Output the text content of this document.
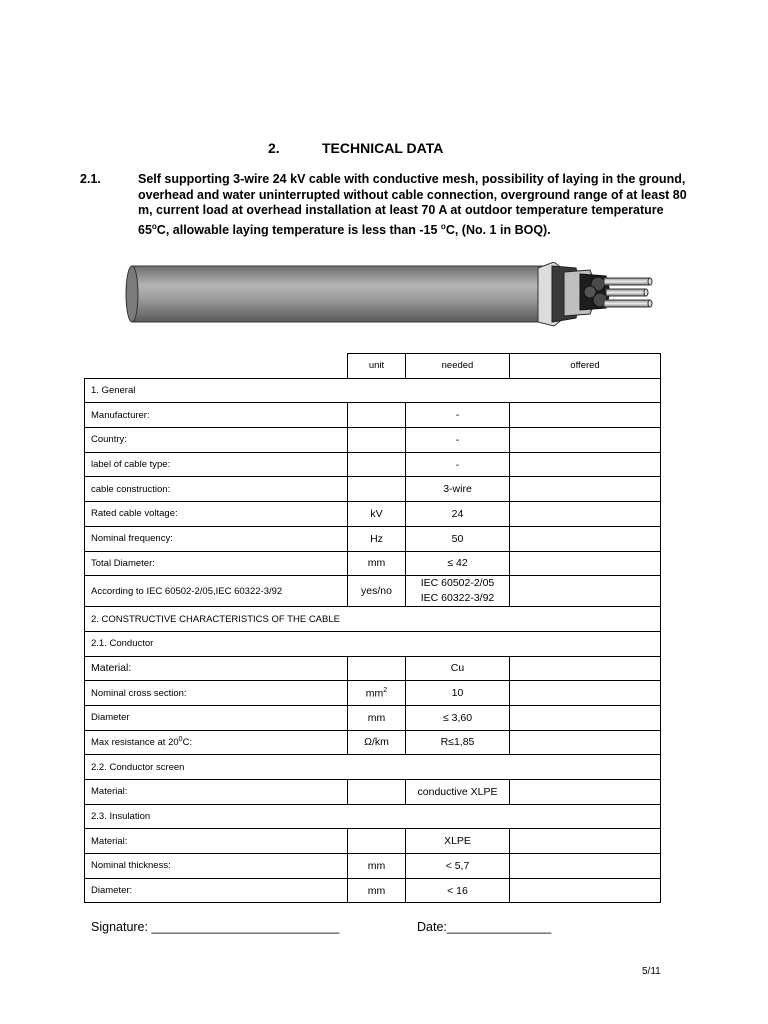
2.	TECHNICAL DATA
2.1.	Self supporting 3-wire 24 kV cable with conductive mesh, possibility of laying in the ground, overhead and water uninterrupted without cable connection, overground range of at least 80 m, current load at overhead installation at least 70 A at outdoor temperature temperature 65$^o$C, allowable laying temperature is less than -15 $^o$C, (No. 1 in BOQ).
	unit	needed	offered
1. General			
Manufacturer:		-	
Country:		-	
label of cable type:		-	
cable construction:		3-wire	
Rated cable voltage:	kV	24	
Nominal frequency:	Hz	50	
Total Diameter:	mm	≤ 42	
According to IEC 60502-2/05,IEC 60322-3/92	yes/no	IEC 60502-2/05
IEC 60322-3/92	

2. CONSTRUCTIVE CHARACTERISTICS OF THE CABLE			
2.1. Conductor			
Material:		Cu	
Nominal cross section:	$mm^2$	10	
Diameter	mm	≤ 3,60	
Max resistance at $20^0C$:	Ω/km	R≤1,85	
2.2. Conductor screen			
Material:		conductive XLPE	
2.3. Insulation			
Material:		XLPE	
Nominal thickness:	mm	< 5,7	
Diameter:	mm	< 16	
Signature: ___________________________	Date:_______________
5/11
